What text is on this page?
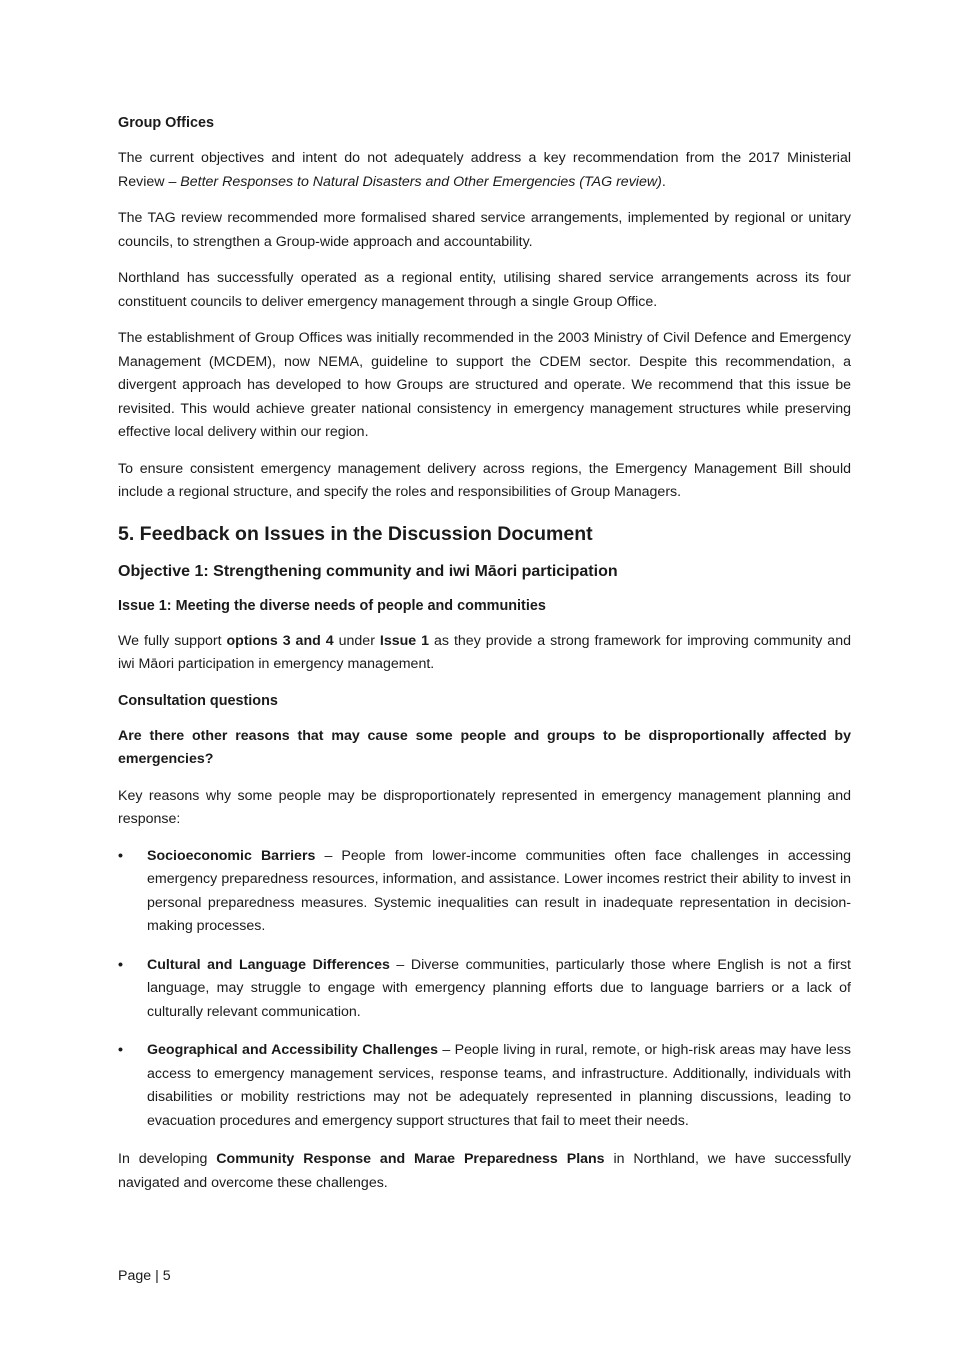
Group Offices

The current objectives and intent do not adequately address a key recommendation from the 2017 Ministerial Review – Better Responses to Natural Disasters and Other Emergencies (TAG review).

The TAG review recommended more formalised shared service arrangements, implemented by regional or unitary councils, to strengthen a Group-wide approach and accountability.

Northland has successfully operated as a regional entity, utilising shared service arrangements across its four constituent councils to deliver emergency management through a single Group Office.

The establishment of Group Offices was initially recommended in the 2003 Ministry of Civil Defence and Emergency Management (MCDEM), now NEMA, guideline to support the CDEM sector. Despite this recommendation, a divergent approach has developed to how Groups are structured and operate. We recommend that this issue be revisited. This would achieve greater national consistency in emergency management structures while preserving effective local delivery within our region.

To ensure consistent emergency management delivery across regions, the Emergency Management Bill should include a regional structure, and specify the roles and responsibilities of Group Managers.

5. Feedback on Issues in the Discussion Document
Objective 1: Strengthening community and iwi Māori participation
Issue 1: Meeting the diverse needs of people and communities

We fully support options 3 and 4 under Issue 1 as they provide a strong framework for improving community and iwi Māori participation in emergency management.

Consultation questions
Are there other reasons that may cause some people and groups to be disproportionally affected by emergencies?

Key reasons why some people may be disproportionately represented in emergency management planning and response:

• Socioeconomic Barriers – People from lower-income communities often face challenges in accessing emergency preparedness resources, information, and assistance. Lower incomes restrict their ability to invest in personal preparedness measures. Systemic inequalities can result in inadequate representation in decision-making processes.
• Cultural and Language Differences – Diverse communities, particularly those where English is not a first language, may struggle to engage with emergency planning efforts due to language barriers or a lack of culturally relevant communication.
• Geographical and Accessibility Challenges – People living in rural, remote, or high-risk areas may have less access to emergency management services, response teams, and infrastructure. Additionally, individuals with disabilities or mobility restrictions may not be adequately represented in planning discussions, leading to evacuation procedures and emergency support structures that fail to meet their needs.

In developing Community Response and Marae Preparedness Plans in Northland, we have successfully navigated and overcome these challenges.

Page | 5
